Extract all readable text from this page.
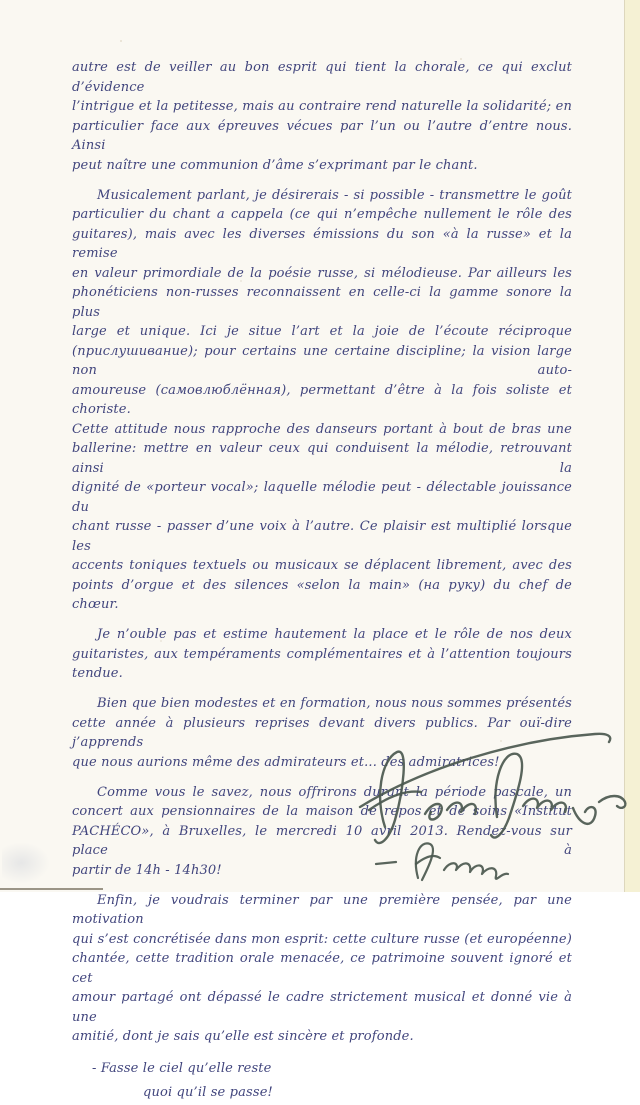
autre est de veiller au bon esprit qui tient la chorale, ce qui exclut d’évidence
l’intrigue et la petitesse, mais au contraire rend naturelle la solidarité; en
particulier face aux épreuves vécues par l’un ou l’autre d’entre nous. Ainsi
peut naître une communion d’âme s’exprimant par le chant.
Musicalement parlant, je désirerais - si possible - transmettre le goût
particulier du chant a cappela (ce qui n’empêche nullement le rôle des
guitares), mais avec les diverses émissions du son «à la russe» et la remise
en valeur primordiale de la poésie russe, si mélodieuse. Par ailleurs les
phonéticiens non-russes reconnaissent en celle-ci la gamme sonore la plus
large et unique. Ici je situe l’art et la joie de l’écoute réciproque
(прислушивание); pour certains une certaine discipline; la vision large non auto-
amoureuse (самовлюблённая), permettant d’être à la fois soliste et choriste.
Cette attitude nous rapproche des danseurs portant à bout de bras une
ballerine: mettre en valeur ceux qui conduisent la mélodie, retrouvant ainsi la
dignité de «porteur vocal»; laquelle mélodie peut - délectable jouissance du
chant russe - passer d’une voix à l’autre. Ce plaisir est multiplié lorsque les
accents toniques textuels ou musicaux se déplacent librement, avec des
points d’orgue et des silences «selon la main» (на руку) du chef de chœur.
Je n’ouble pas et estime hautement la place et le rôle de nos deux
guitaristes, aux tempéraments complémentaires et à l’attention toujours
tendue.
Bien que bien modestes et en formation, nous nous sommes présentés
cette année à plusieurs reprises devant divers publics. Par ouï-dire j’apprends
que nous aurions même des admirateurs et... des admiratrices!
Comme vous le savez, nous offrirons durant la période pascale, un
concert aux pensionnaires de la maison de repos et de soins «Institut
PACHÉCO», à Bruxelles, le mercredi 10 avril 2013. Rendez-vous sur place à
partir de 14h - 14h30!
Enfin, je voudrais terminer par une première pensée, par une motivation
qui s’est concrétisée dans mon esprit: cette culture russe (et européenne)
chantée, cette tradition orale menacée, ce patrimoine souvent ignoré et cet
amour partagé ont dépassé le cadre strictement musical et donné vie à une
amitié, dont je sais qu’elle est sincère et profonde.
- Fasse le ciel qu’elle reste
quoi qu’il se passe!
